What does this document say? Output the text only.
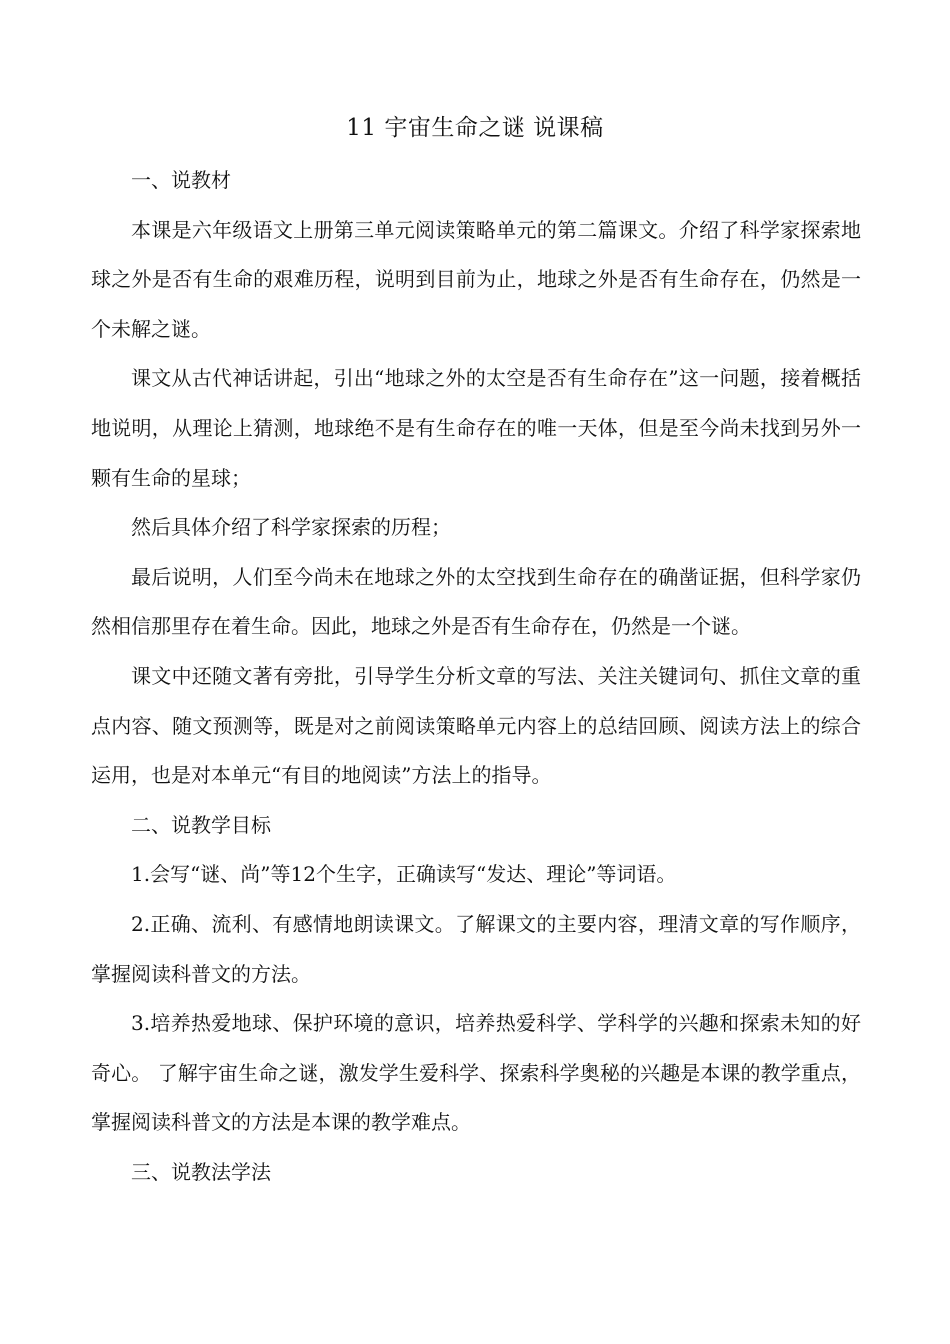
11 宇宙生命之谜 说课稿

一、说教材

本课是六年级语文上册第三单元阅读策略单元的第二篇课文。介绍了科学家探索地球之外是否有生命的艰难历程，说明到目前为止，地球之外是否有生命存在，仍然是一个未解之谜。

课文从古代神话讲起，引出“地球之外的太空是否有生命存在”这一问题，接着概括地说明，从理论上猜测，地球绝不是有生命存在的唯一天体，但是至今尚未找到另外一颗有生命的星球；

然后具体介绍了科学家探索的历程；

最后说明，人们至今尚未在地球之外的太空找到生命存在的确凿证据，但科学家仍然相信那里存在着生命。因此，地球之外是否有生命存在，仍然是一个谜。

课文中还随文著有旁批，引导学生分析文章的写法、关注关键词句、抓住文章的重点内容、随文预测等，既是对之前阅读策略单元内容上的总结回顾、阅读方法上的综合运用，也是对本单元“有目的地阅读”方法上的指导。

二、说教学目标

1.会写“谜、尚”等12个生字，正确读写“发达、理论”等词语。

2.正确、流利、有感情地朗读课文。了解课文的主要内容，理清文章的写作顺序，掌握阅读科普文的方法。

3.培养热爱地球、保护环境的意识，培养热爱科学、学科学的兴趣和探索未知的好奇心。 了解宇宙生命之谜，激发学生爱科学、探索科学奥秘的兴趣是本课的教学重点，掌握阅读科普文的方法是本课的教学难点。

三、说教法学法
